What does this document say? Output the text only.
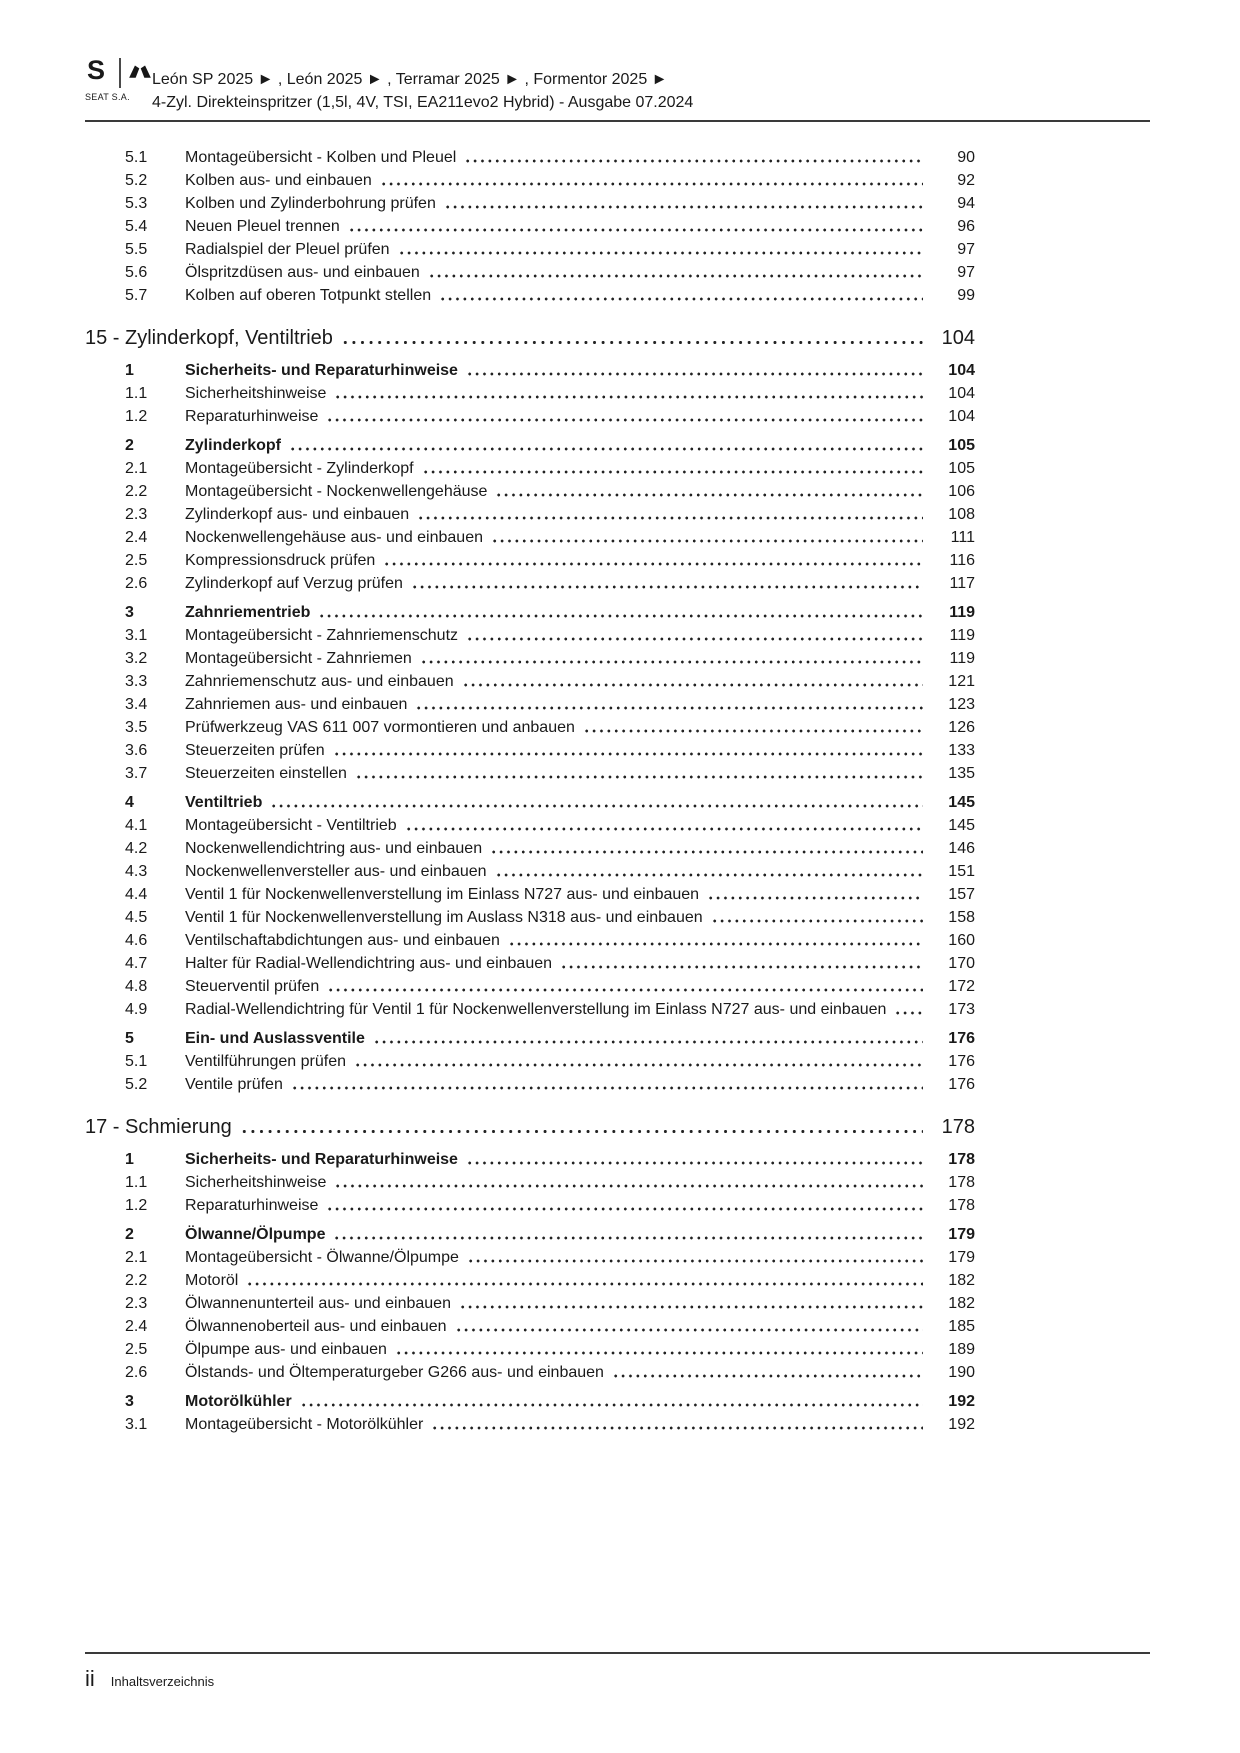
S
SEAT S.A.
León SP 2025 ► , León 2025 ► , Terramar 2025 ► , Formentor 2025 ►
4-Zyl. Direkteinspritzer (1,5l, 4V, TSI, EA211evo2 Hybrid) - Ausgabe 07.2024
5.1	Montageübersicht - Kolben und Pleuel	90
5.2	Kolben aus- und einbauen	92
5.3	Kolben und Zylinderbohrung prüfen	94
5.4	Neuen Pleuel trennen	96
5.5	Radialspiel der Pleuel prüfen	97
5.6	Ölspritzdüsen aus- und einbauen	97
5.7	Kolben auf oberen Totpunkt stellen	99
15 - Zylinderkopf, Ventiltrieb	104
1	Sicherheits- und Reparaturhinweise	104
1.1	Sicherheitshinweise	104
1.2	Reparaturhinweise	104
2	Zylinderkopf	105
2.1	Montageübersicht - Zylinderkopf	105
2.2	Montageübersicht - Nockenwellengehäuse	106
2.3	Zylinderkopf aus- und einbauen	108
2.4	Nockenwellengehäuse aus- und einbauen	111
2.5	Kompressionsdruck prüfen	116
2.6	Zylinderkopf auf Verzug prüfen	117
3	Zahnriementrieb	119
3.1	Montageübersicht - Zahnriemenschutz	119
3.2	Montageübersicht - Zahnriemen	119
3.3	Zahnriemenschutz aus- und einbauen	121
3.4	Zahnriemen aus- und einbauen	123
3.5	Prüfwerkzeug VAS 611 007 vormontieren und anbauen	126
3.6	Steuerzeiten prüfen	133
3.7	Steuerzeiten einstellen	135
4	Ventiltrieb	145
4.1	Montageübersicht - Ventiltrieb	145
4.2	Nockenwellendichtring aus- und einbauen	146
4.3	Nockenwellenversteller aus- und einbauen	151
4.4	Ventil 1 für Nockenwellenverstellung im Einlass N727 aus- und einbauen	157
4.5	Ventil 1 für Nockenwellenverstellung im Auslass N318 aus- und einbauen	158
4.6	Ventilschaftabdichtungen aus- und einbauen	160
4.7	Halter für Radial-Wellendichtring aus- und einbauen	170
4.8	Steuerventil prüfen	172
4.9	Radial-Wellendichtring für Ventil 1 für Nockenwellenverstellung im Einlass N727 aus- und einbauen	173
5	Ein- und Auslassventile	176
5.1	Ventilführungen prüfen	176
5.2	Ventile prüfen	176
17 - Schmierung	178
1	Sicherheits- und Reparaturhinweise	178
1.1	Sicherheitshinweise	178
1.2	Reparaturhinweise	178
2	Ölwanne/Ölpumpe	179
2.1	Montageübersicht - Ölwanne/Ölpumpe	179
2.2	Motoröl	182
2.3	Ölwannenunterteil aus- und einbauen	182
2.4	Ölwannenoberteil aus- und einbauen	185
2.5	Ölpumpe aus- und einbauen	189
2.6	Ölstands- und Öltemperaturgeber G266 aus- und einbauen	190
3	Motorölkühler	192
3.1	Montageübersicht - Motorölkühler	192
ii Inhaltsverzeichnis
